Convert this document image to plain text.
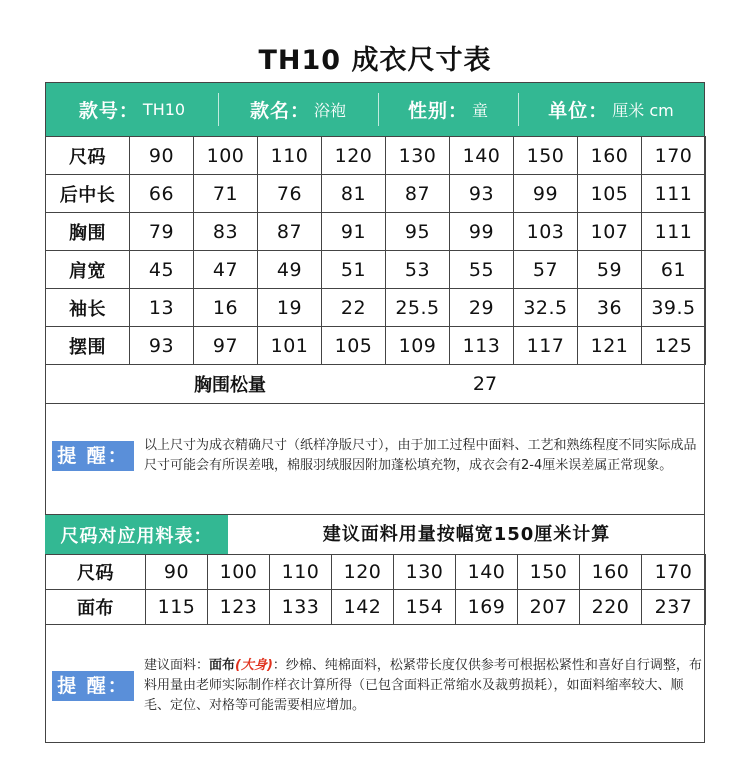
TH10 成衣尺寸表
款号： TH10	款名： 浴袍	性别： 童	单位： 厘米 cm
尺码	90	100	110	120	130	140	150	160	170
后中长	66	71	76	81	87	93	99	105	111
胸围	79	83	87	91	95	99	103	107	111
肩宽	45	47	49	51	53	55	57	59	61
袖长	13	16	19	22	25.5	29	32.5	36	39.5
摆围	93	97	101	105	109	113	117	121	125
胸围松量	27
提 醒：	以上尺寸为成衣精确尺寸（纸样净版尺寸），由于加工过程中面料、工艺和熟练程度不同实际成品尺寸可能会有所误差哦，棉服羽绒服因附加蓬松填充物，成衣会有2-4厘米误差属正常现象。
尺码对应用料表：	建议面料用量按幅宽150厘米计算
尺码	90	100	110	120	130	140	150	160	170
面布	115	123	133	142	154	169	207	220	237
提 醒：
建议面料：面布(大身)：纱棉、纯棉面料，松紧带长度仅供参考可根据松紧性和喜好自行调整，布料用量由老师实际制作样衣计算所得（已包含面料正常缩水及裁剪损耗），如面料缩率较大、顺毛、定位、对格等可能需要相应增加。
